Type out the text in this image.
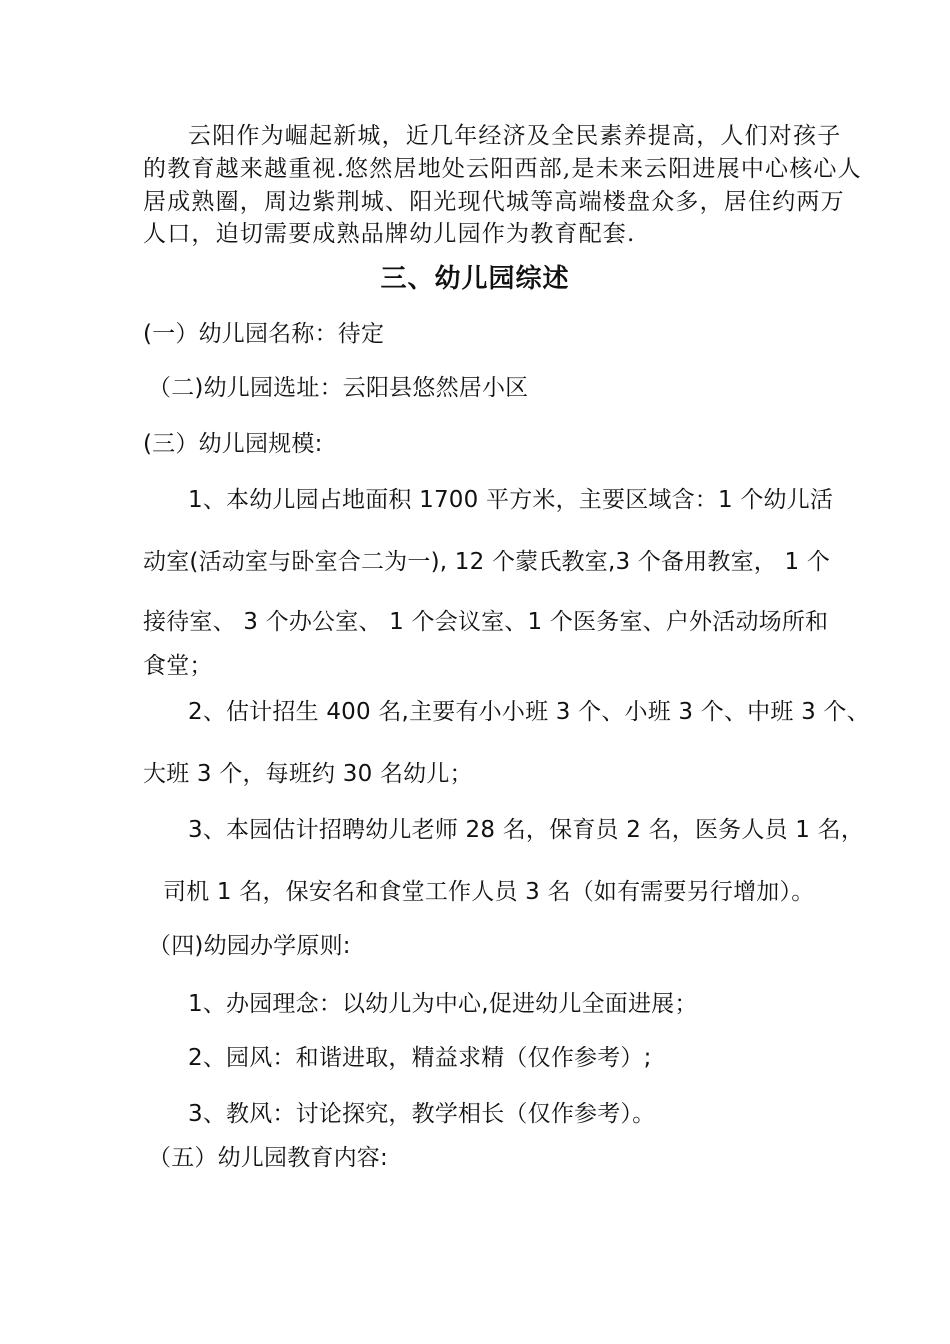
云阳作为崛起新城，近几年经济及全民素养提高，人们对孩子
的教育越来越重视.悠然居地处云阳西部,是未来云阳进展中心核心人
居成熟圈，周边紫荆城、阳光现代城等高端楼盘众多，居住约两万
人口，迫切需要成熟品牌幼儿园作为教育配套.
三、幼儿园综述
(一）幼儿园名称：待定
（二)幼儿园选址：云阳县悠然居小区
(三）幼儿园规模:
1、本幼儿园占地面积 1700 平方米，主要区域含：1 个幼儿活
动室(活动室与卧室合二为一), 12 个蒙氏教室,3 个备用教室， 1 个
接待室、 3 个办公室、 1 个会议室、1 个医务室、户外活动场所和
食堂；
2、估计招生 400 名,主要有小小班 3 个、小班 3 个、中班 3 个、
大班 3 个，每班约 30 名幼儿；
3、本园估计招聘幼儿老师 28 名，保育员 2 名，医务人员 1 名，
司机 1 名，保安名和食堂工作人员 3 名（如有需要另行增加）。
（四)幼园办学原则:
1、办园理念：以幼儿为中心,促进幼儿全面进展；
2、园风：和谐进取，精益求精（仅作参考）;
3、教风：讨论探究，教学相长（仅作参考）。
（五）幼儿园教育内容:
